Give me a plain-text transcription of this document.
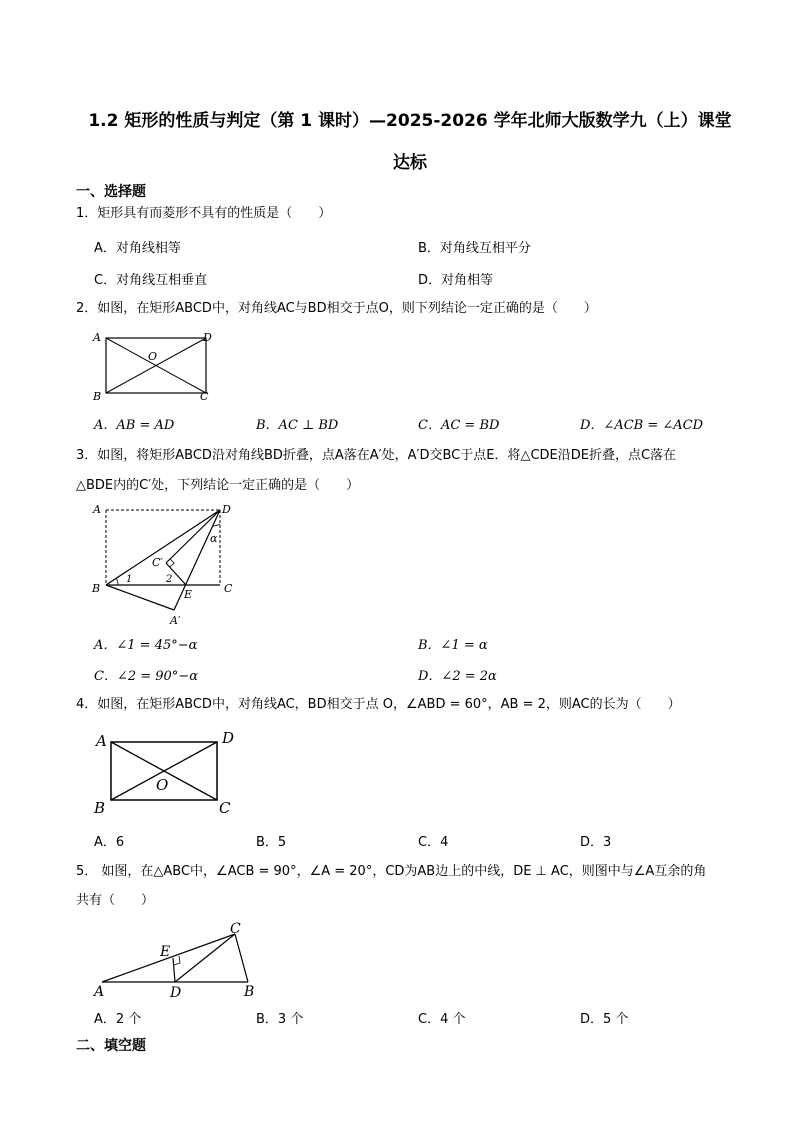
1.2 矩形的性质与判定（第 1 课时）—2025-2026 学年北师大版数学九（上）课堂
达标
一、选择题
1．矩形具有而菱形不具有的性质是（　　）
A．对角线相等	B．对角线互相平分
C．对角线互相垂直	D．对角相等
2．如图，在矩形ABCD中，对角线AC与BD相交于点O，则下列结论一定正确的是（　　）
A	D
B	C
O
A．AB = AD	B．AC ⊥ BD	C．AC = BD	D．∠ACB = ∠ACD
3．如图，将矩形ABCD沿对角线BD折叠，点A落在A′处，A′D交BC于点E．将△CDE沿DE折叠，点C落在
△BDE内的C′处，下列结论一定正确的是（　　）
A	D
B	C
E
A′
C′
1	2
α
A．∠1 = 45°−α	B．∠1 = α
C．∠2 = 90°−α	D．∠2 = 2α
4．如图，在矩形ABCD中，对角线AC，BD相交于点 O，∠ABD = 60°，AB = 2，则AC的长为（　　）
A	D
B	C
O
A．6	B．5	C．4	D．3
5． 如图，在△ABC中，∠ACB = 90°，∠A = 20°，CD为AB边上的中线，DE ⊥ AC，则图中与∠A互余的角
共有（　　）
A	B
C
D
E
A．2 个	B．3 个	C．4 个	D．5 个
二、填空题
